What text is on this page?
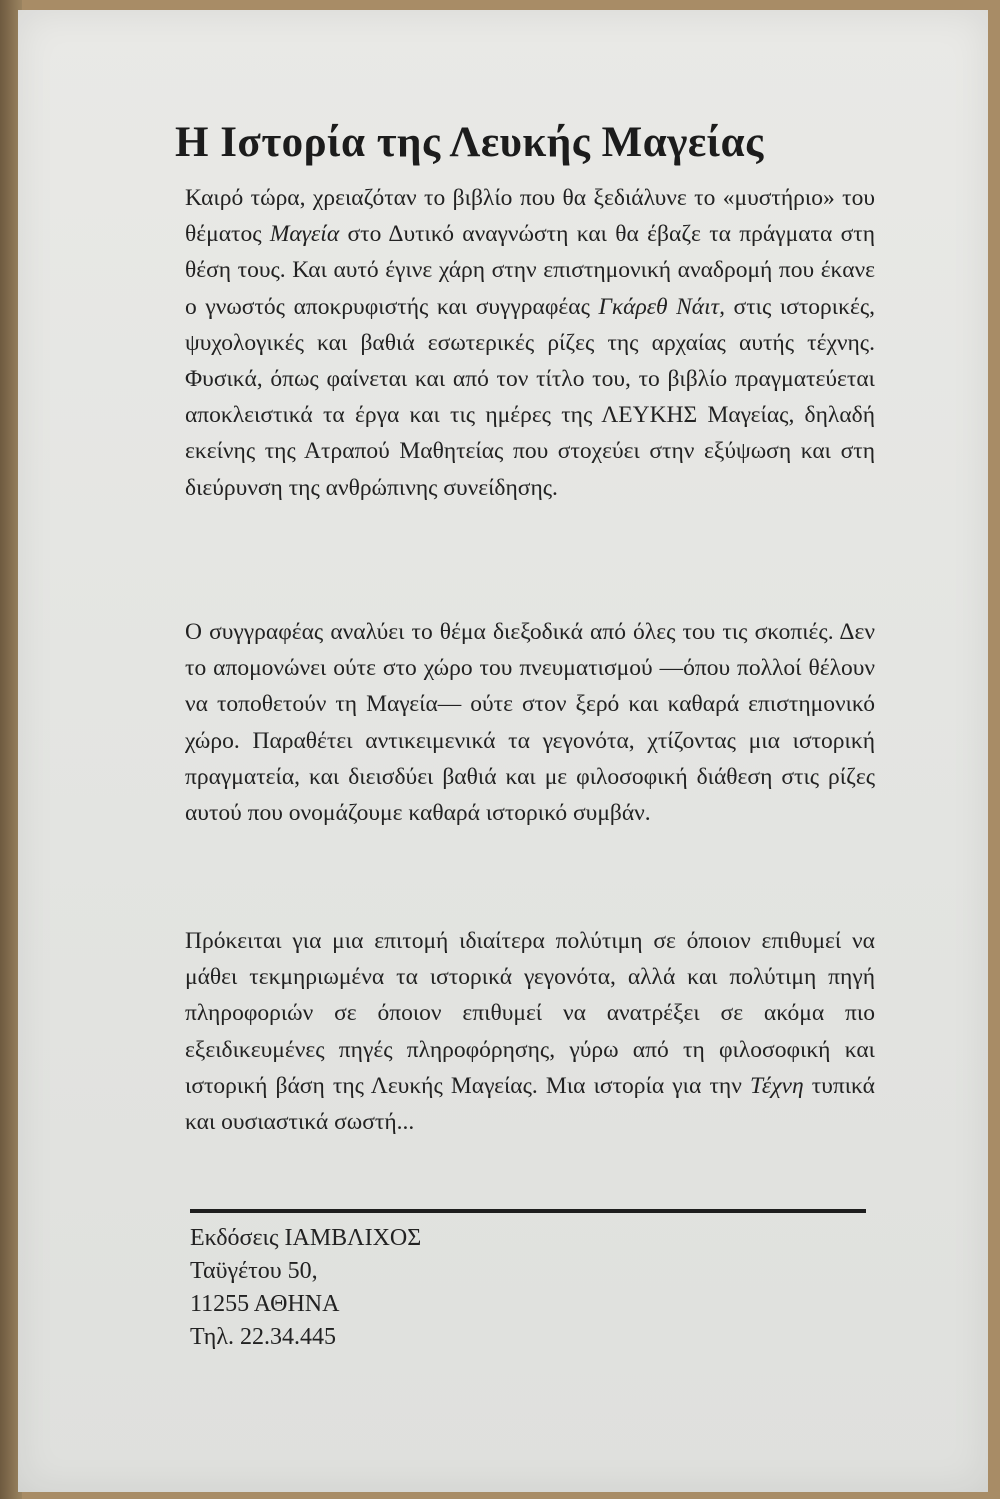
Η Ιστορία της Λευκής Μαγείας

Καιρό τώρα, χρειαζόταν το βιβλίο που θα ξεδιάλυνε το «μυστήριο» του θέματος Μαγεία στο Δυτικό αναγνώστη και θα έβαζε τα πράγματα στη θέση τους. Και αυτό έγινε χάρη στην επιστημονική αναδρομή που έκανε ο γνωστός αποκρυφιστής και συγγραφέας Γκάρεθ Νάιτ, στις ιστορικές, ψυχολογικές και βαθιά εσωτερικές ρίζες της αρχαίας αυτής τέχνης. Φυσικά, όπως φαίνεται και από τον τίτλο του, το βιβλίο πραγματεύεται αποκλειστικά τα έργα και τις ημέρες της ΛΕΥΚΗΣ Μαγείας, δηλαδή εκείνης της Ατραπού Μαθητείας που στοχεύει στην εξύψωση και στη διεύρυνση της ανθρώπινης συνείδησης.

Ο συγγραφέας αναλύει το θέμα διεξοδικά από όλες του τις σκοπιές. Δεν το απομονώνει ούτε στο χώρο του πνευματισμού —όπου πολλοί θέλουν να τοποθετούν τη Μαγεία— ούτε στον ξερό και καθαρά επιστημονικό χώρο. Παραθέτει αντικειμενικά τα γεγονότα, χτίζοντας μια ιστορική πραγματεία, και διεισδύει βαθιά και με φιλοσοφική διάθεση στις ρίζες αυτού που ονομάζουμε καθαρά ιστορικό συμβάν.

Πρόκειται για μια επιτομή ιδιαίτερα πολύτιμη σε όποιον επιθυμεί να μάθει τεκμηριωμένα τα ιστορικά γεγονότα, αλλά και πολύτιμη πηγή πληροφοριών σε όποιον επιθυμεί να ανατρέξει σε ακόμα πιο εξειδικευμένες πηγές πληροφόρησης, γύρω από τη φιλοσοφική και ιστορική βάση της Λευκής Μαγείας. Μια ιστορία για την Τέχνη τυπικά και ουσιαστικά σωστή...

Εκδόσεις ΙΑΜΒΛΙΧΟΣ
Ταϋγέτου 50,
11255 ΑΘΗΝΑ
Τηλ. 22.34.445
